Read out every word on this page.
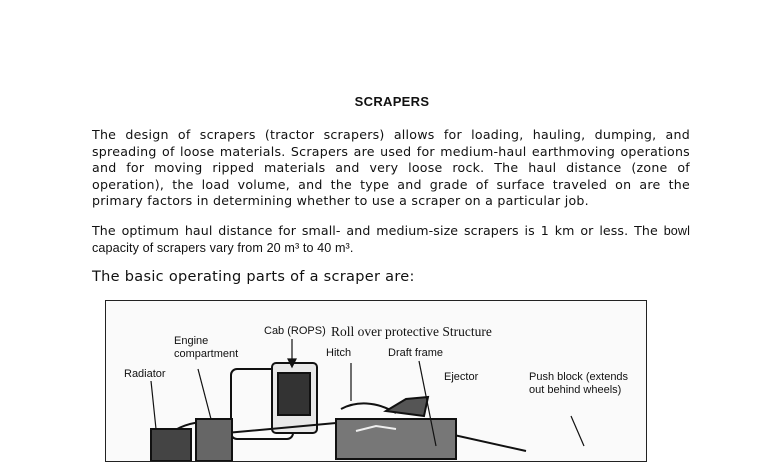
SCRAPERS

The design of scrapers (tractor scrapers) allows for loading, hauling, dumping, and spreading of loose materials. Scrapers are used for medium-haul earthmoving operations and for moving ripped materials and very loose rock. The haul distance (zone of operation), the load volume, and the type and grade of surface traveled on are the primary factors in determining whether to use a scraper on a particular job.

The optimum haul distance for small- and medium-size scrapers is 1 km or less. The bowl capacity of scrapers vary from 20 m³ to 40 m³.

The basic operating parts of a scraper are:
Cab (ROPS) Roll over protective Structure
Engine compartment	Hitch	Draft frame
Radiator	Ejector	Push block (extends out behind wheels)
